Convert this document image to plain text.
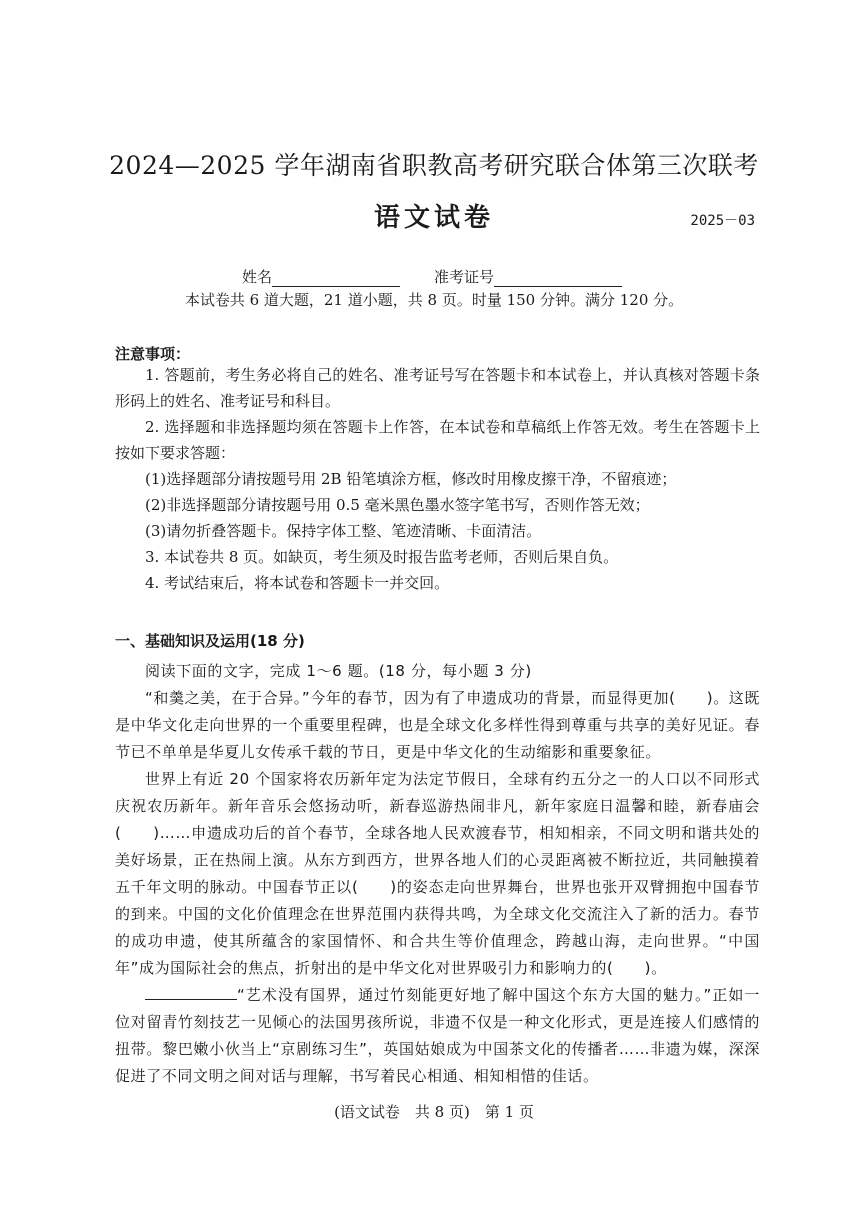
2024—2025 学年湖南省职教高考研究联合体第三次联考
语文试卷	2025－03
姓名	准考证号
本试卷共 6 道大题，21 道小题，共 8 页。时量 150 分钟。满分 120 分。
注意事项：

1. 答题前，考生务必将自己的姓名、准考证号写在答题卡和本试卷上，并认真核对答题卡条形码上的姓名、准考证号和科目。

2. 选择题和非选择题均须在答题卡上作答，在本试卷和草稿纸上作答无效。考生在答题卡上按如下要求答题：

(1)选择题部分请按题号用 2B 铅笔填涂方框，修改时用橡皮擦干净，不留痕迹；

(2)非选择题部分请按题号用 0.5 毫米黑色墨水签字笔书写，否则作答无效；

(3)请勿折叠答题卡。保持字体工整、笔迹清晰、卡面清洁。

3. 本试卷共 8 页。如缺页，考生须及时报告监考老师，否则后果自负。

4. 考试结束后，将本试卷和答题卡一并交回。

一、基础知识及运用(18 分)

阅读下面的文字，完成 1～6 题。(18 分，每小题 3 分)

“和羹之美，在于合异。”今年的春节，因为有了申遗成功的背景，而显得更加(　　)。这既是中华文化走向世界的一个重要里程碑，也是全球文化多样性得到尊重与共享的美好见证。春节已不单单是华夏儿女传承千载的节日，更是中华文化的生动缩影和重要象征。

世界上有近 20 个国家将农历新年定为法定节假日，全球有约五分之一的人口以不同形式庆祝农历新年。新年音乐会悠扬动听，新春巡游热闹非凡，新年家庭日温馨和睦，新春庙会(　　)……申遗成功后的首个春节，全球各地人民欢渡春节，相知相亲，不同文明和谐共处的美好场景，正在热闹上演。从东方到西方，世界各地人们的心灵距离被不断拉近，共同触摸着五千年文明的脉动。中国春节正以(　　)的姿态走向世界舞台，世界也张开双臂拥抱中国春节的到来。中国的文化价值理念在世界范围内获得共鸣，为全球文化交流注入了新的活力。春节的成功申遗，使其所蕴含的家国情怀、和合共生等价值理念，跨越山海，走向世界。“中国年”成为国际社会的焦点，折射出的是中华文化对世界吸引力和影响力的(　　)。

“艺术没有国界，通过竹刻能更好地了解中国这个东方大国的魅力。”正如一位对留青竹刻技艺一见倾心的法国男孩所说，非遗不仅是一种文化形式，更是连接人们感情的扭带。黎巴嫩小伙当上“京剧练习生”，英国姑娘成为中国茶文化的传播者……非遗为媒，深深促进了不同文明之间对话与理解，书写着民心相通、相知相惜的佳话。

(语文试卷　共 8 页)　第 1 页
